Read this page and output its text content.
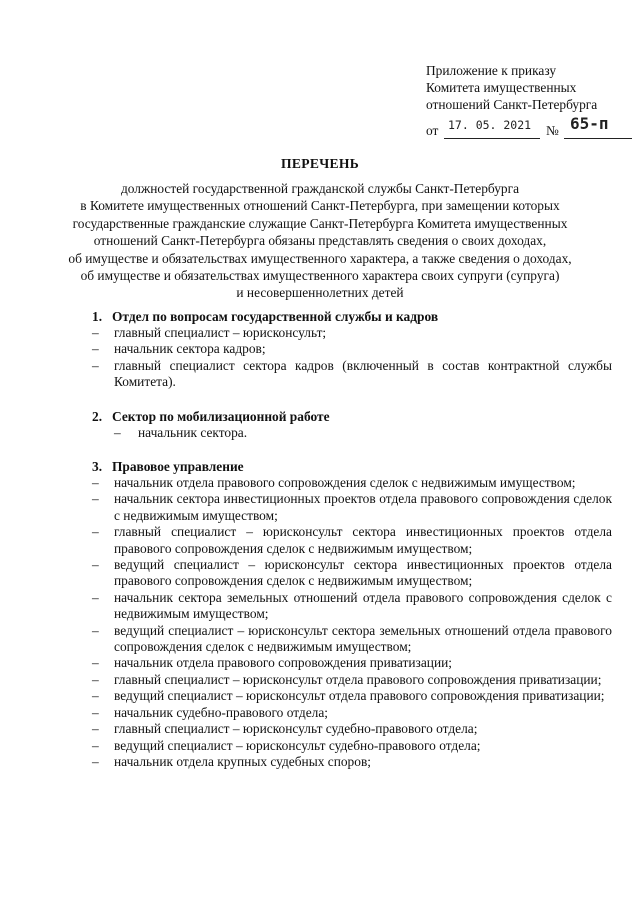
Приложение к приказу
Комитета имущественных
отношений Санкт-Петербурга
от 17. 05. 2021 № 65-п
ПЕРЕЧЕНЬ
должностей государственной гражданской службы Санкт-Петербурга
в Комитете имущественных отношений Санкт-Петербурга, при замещении которых
государственные гражданские служащие Санкт-Петербурга Комитета имущественных
отношений Санкт-Петербурга обязаны представлять сведения о своих доходах,
об имуществе и обязательствах имущественного характера, а также сведения о доходах,
об имуществе и обязательствах имущественного характера своих супруги (супруга)
и несовершеннолетних детей
1. Отдел по вопросам государственной службы и кадров
– главный специалист – юрисконсульт;
– начальник сектора кадров;
– главный специалист сектора кадров (включенный в состав контрактной службы Комитета).
2. Сектор по мобилизационной работе
– начальник сектора.
3. Правовое управление
– начальник отдела правового сопровождения сделок с недвижимым имуществом;
– начальник сектора инвестиционных проектов отдела правового сопровождения сделок с недвижимым имуществом;
– главный специалист – юрисконсульт сектора инвестиционных проектов отдела правового сопровождения сделок с недвижимым имуществом;
– ведущий специалист – юрисконсульт сектора инвестиционных проектов отдела правового сопровождения сделок с недвижимым имуществом;
– начальник сектора земельных отношений отдела правового сопровождения сделок с недвижимым имуществом;
– ведущий специалист – юрисконсульт сектора земельных отношений отдела правового сопровождения сделок с недвижимым имуществом;
– начальник отдела правового сопровождения приватизации;
– главный специалист – юрисконсульт отдела правового сопровождения приватизации;
– ведущий специалист – юрисконсульт отдела правового сопровождения приватизации;
– начальник судебно-правового отдела;
– главный специалист – юрисконсульт судебно-правового отдела;
– ведущий специалист – юрисконсульт судебно-правового отдела;
– начальник отдела крупных судебных споров;
